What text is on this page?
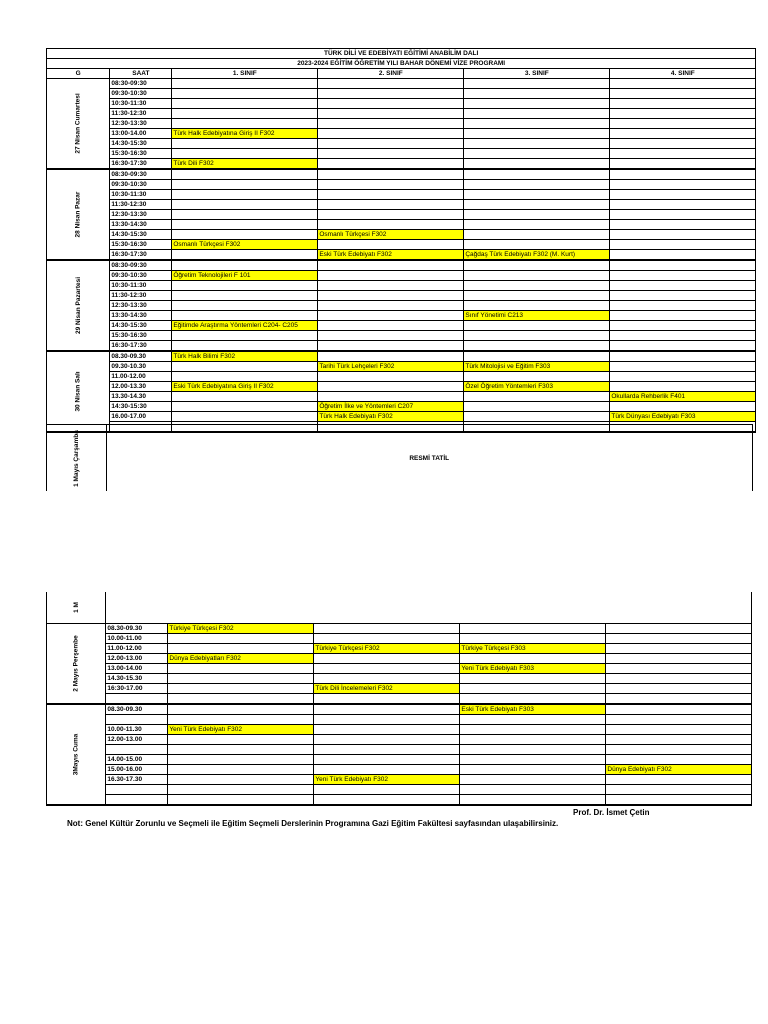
TÜRK DİLİ VE EDEBİYATI EĞİTİMİ ANABİLİM DALI					
2023-2024 EĞİTİM ÖĞRETİM YILI BAHAR DÖNEMİ VİZE PROGRAMI					
G	SAAT	1. SINIF	2. SINIF	3. SINIF	4. SINIF
27 Nisan Cumartesi	08:30-09:30				
	09:30-10:30				
	10:30-11:30				
	11:30-12:30				
	12:30-13:30				
	13:00-14.00	Türk Halk Edebiyatına Giriş II F302			
	14:30-15:30				
	15:30-16:30				
	16:30-17:30	Türk Dili F302			
28 Nisan Pazar	08:30-09:30				
	09:30-10:30				
	10:30-11:30				
	11:30-12:30				
	12:30-13:30				
	13:30-14:30				
	14:30-15:30		Osmanlı Türkçesi F302		
	15:30-16:30	Osmanlı Türkçesi F302			
	16:30-17:30		Eski Türk Edebiyatı F302	Çağdaş Türk Edebiyatı F302 (M. Kurt)	
29 Nisan Pazartesi	08:30-09:30				
	09:30-10:30	Öğretim Teknolojileri F 101			
	10:30-11:30				
	11:30-12:30				
	12:30-13:30				
	13:30-14:30			Sınıf Yönetimi C213	
	14:30-15:30	Eğitimde Araştırma Yöntemleri C204- C205			
	15:30-16:30				
	16:30-17:30				
30 Nisan Salı	08.30-09.30	Türk Halk Bilimi F302			
	09.30-10.30		Tarihi Türk Lehçeleri F302	Türk Mitolojisi ve Eğitim F303	
	11.00-12.00				
	12.00-13.30	Eski Türk Edebiyatına Giriş II F302		Özel Öğretim Yöntemleri F303	
	13.30-14.30				Okullarda Rehberlik F401
	14:30-15:30		Öğretim İlke ve Yöntemleri C207		
	16.00-17.00		Türk Halk Edebiyatı F302		Türk Dünyası Edebiyatı F303

1 Mayıs Çarşamba	RESMİ TATİL
1 M					
2 Mayıs Perşembe	08.30-09.30	Türkiye Türkçesi F302			
	10.00-11.00				
	11.00-12.00		Türkiye Türkçesi F302	Türkiye Türkçesi F303	
	12.00-13.00	Dünya Edebiyatları F302			
	13.00-14.00			Yeni Türk Edebiyatı F303	
	14.30-15.30				
	16:30-17.00		Türk Dili İncelemeleri F302		

3Mayıs Cuma	08.30-09.30			Eski Türk Edebiyatı F303	

	10.00-11.30	Yeni Türk Edebiyatı F302			
	12.00-13.00				

	14.00-15.00				
	15.00-16.00				Dünya Edebiyatı F302
	16.30-17.30		Yeni Türk Edebiyatı F302		

Prof. Dr. İsmet Çetin
Not: Genel Kültür Zorunlu ve Seçmeli ile Eğitim Seçmeli Derslerinin Programına Gazi Eğitim Fakültesi sayfasından ulaşabilirsiniz.
